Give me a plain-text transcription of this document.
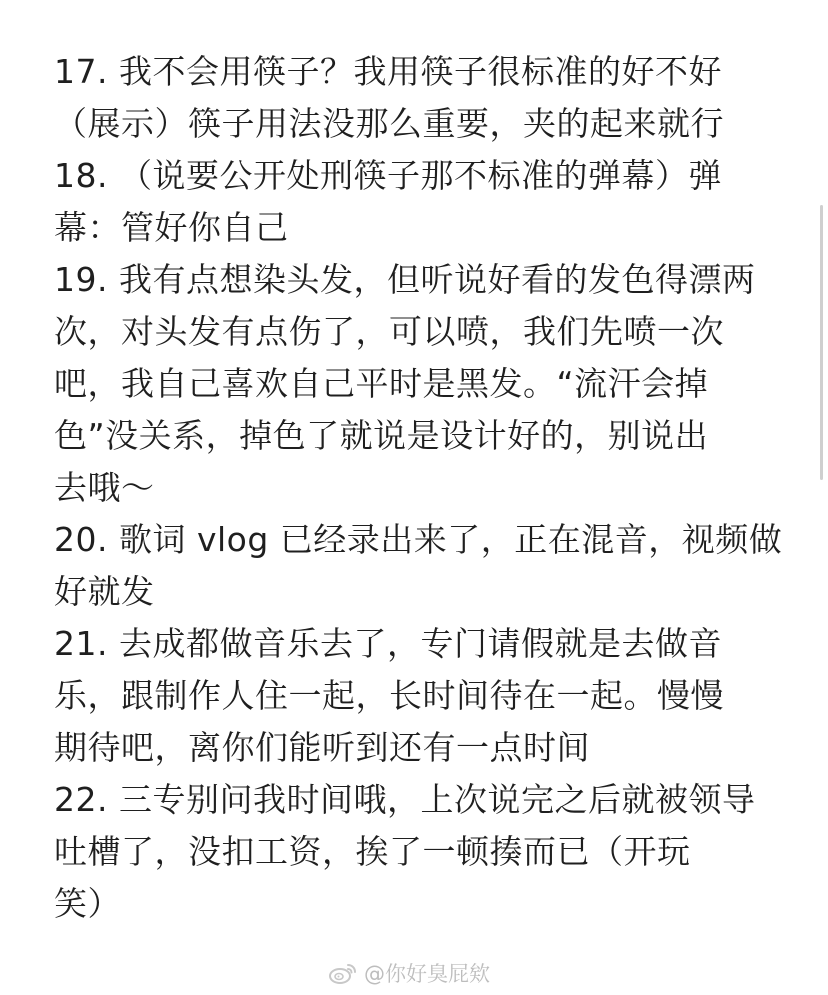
17. 我不会用筷子？我用筷子很标准的好不好
（展示）筷子用法没那么重要，夹的起来就行
18. （说要公开处刑筷子那不标准的弹幕）弹
幕：管好你自己
19. 我有点想染头发，但听说好看的发色得漂两
次，对头发有点伤了，可以喷，我们先喷一次
吧，我自己喜欢自己平时是黑发。“流汗会掉
色”没关系，掉色了就说是设计好的，别说出
去哦～
20. 歌词 vlog 已经录出来了，正在混音，视频做
好就发
21. 去成都做音乐去了，专门请假就是去做音
乐，跟制作人住一起，长时间待在一起。慢慢
期待吧，离你们能听到还有一点时间
22. 三专别问我时间哦，上次说完之后就被领导
吐槽了，没扣工资，挨了一顿揍而已（开玩
笑）
@你好臭屁欸
